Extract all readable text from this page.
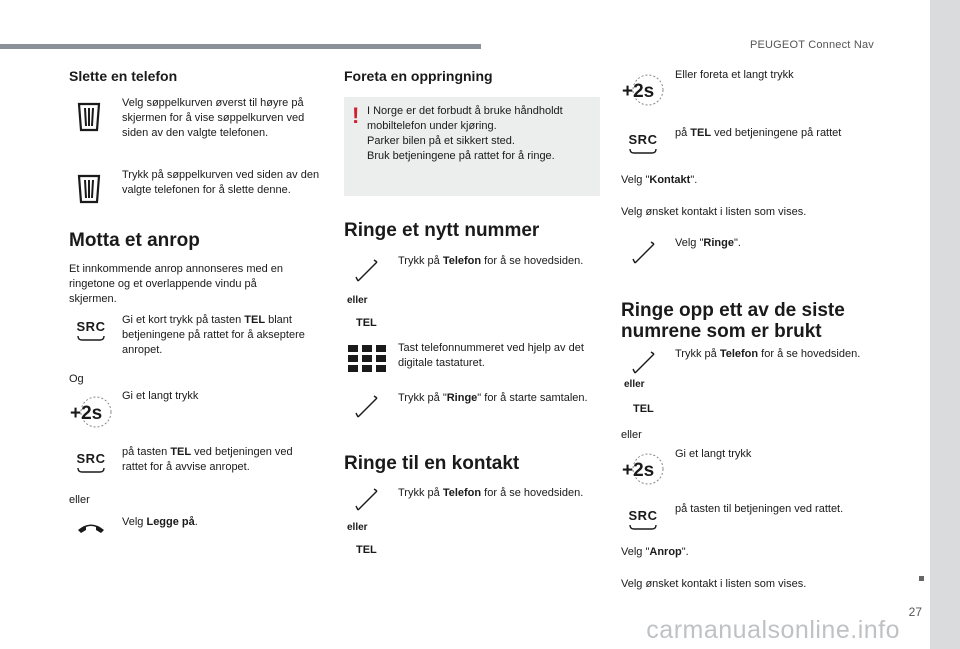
PEUGEOT Connect Nav
27
carmanualsonline.info
Slette en telefon

Velg søppelkurven øverst til høyre på skjermen for å vise søppelkurven ved siden av den valgte telefonen.

Trykk på søppelkurven ved siden av den valgte telefonen for å slette denne.

Motta et anrop

Et innkommende anrop annonseres med en ringetone og et overlappende vindu på skjermen.

SRC Gi et kort trykk på tasten TEL blant betjeningene på rattet for å akseptere anropet.

Og

+2s

Gi et langt trykk

SRC på tasten TEL ved betjeningen ved rattet for å avvise anropet.

eller

Velg Legge på.

Foreta en oppringning
! I Norge er det forbudt å bruke håndholdt mobiltelefon under kjøring.
Parker bilen på et sikkert sted.
Bruk betjeningene på rattet for å ringe.

Ringe et nytt nummer
eller
TEL

Trykk på Telefon for å se hovedsiden.

Tast telefonnummeret ved hjelp av det digitale tastaturet.

Trykk på "Ringe" for å starte samtalen.

Ringe til en kontakt
eller
TEL

Trykk på Telefon for å se hovedsiden.

+2s

Eller foreta et langt trykk

SRC på TEL ved betjeningene på rattet

Velg "Kontakt".

Velg ønsket kontakt i listen som vises.

Velg "Ringe".

Ringe opp ett av de siste numrene som er brukt
eller
TEL

Trykk på Telefon for å se hovedsiden.

eller

+2s

Gi et langt trykk

SRC på tasten til betjeningen ved rattet.

Velg "Anrop".

Velg ønsket kontakt i listen som vises.
